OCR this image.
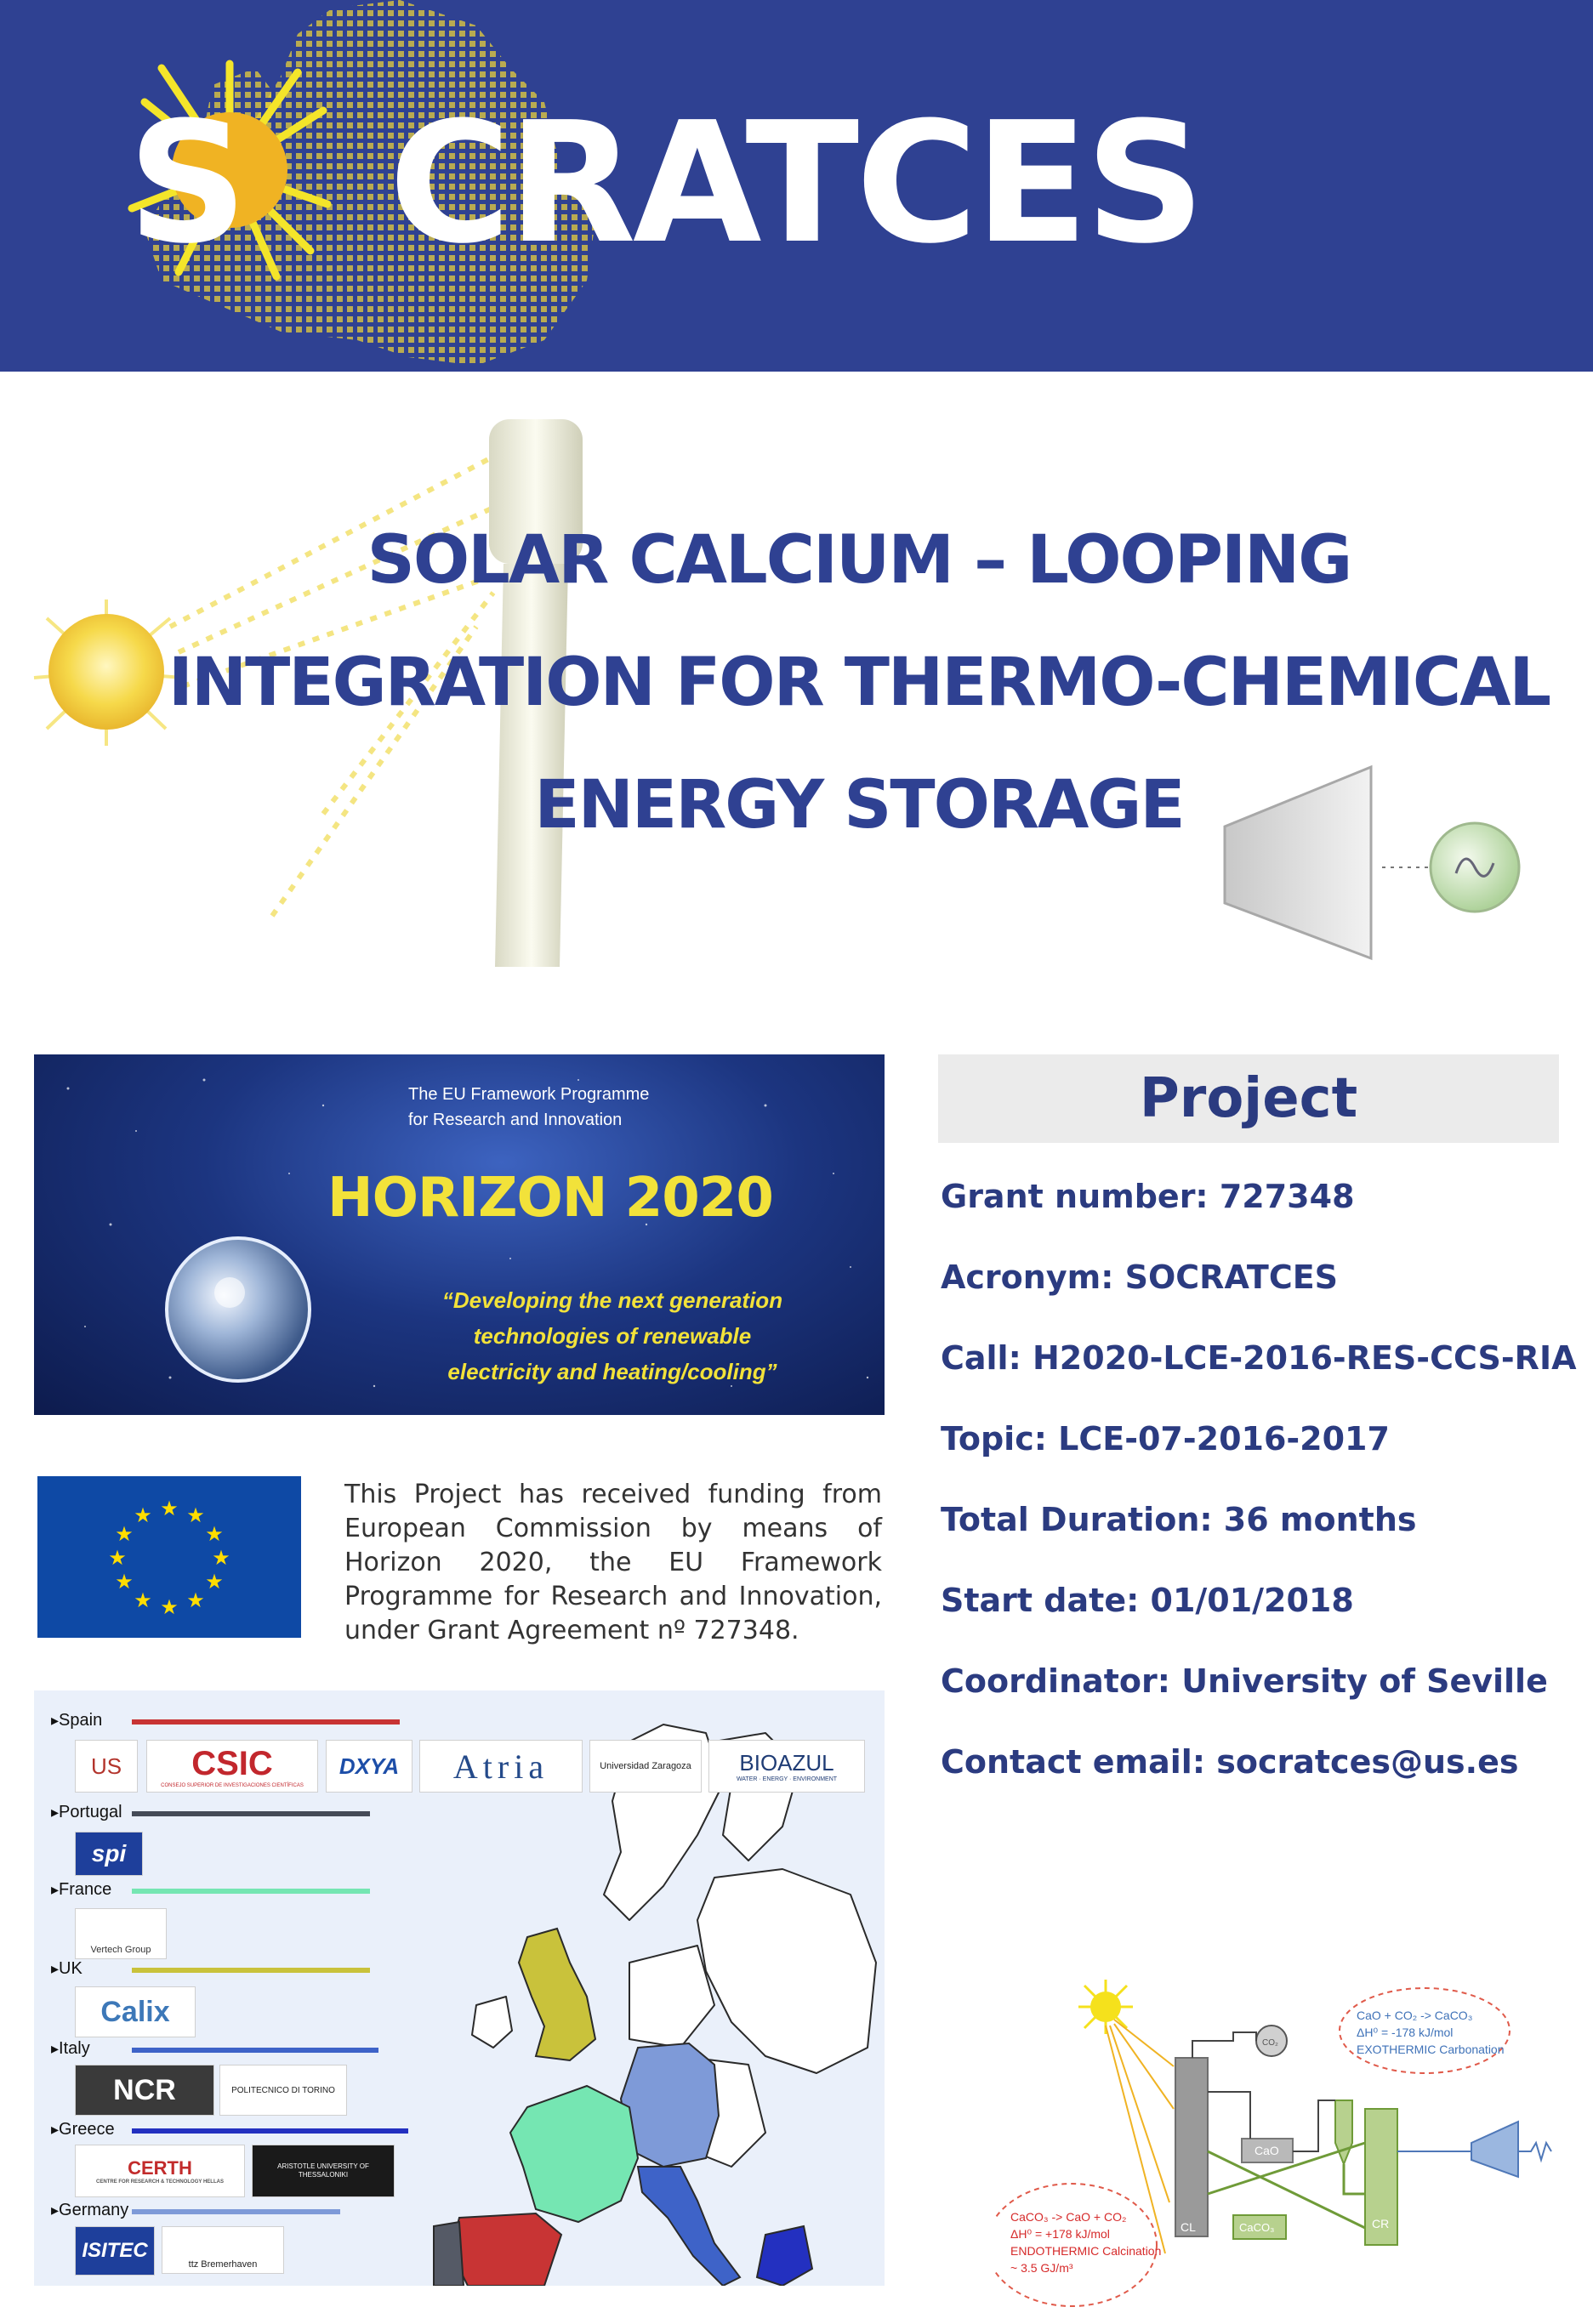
S CRATCES
SOLAR CALCIUM – LOOPING
INTEGRATION FOR THERMO-CHEMICAL
ENERGY STORAGE
The EU Framework Programme
for Research and Innovation
HORIZON 2020
“Developing the next generation
technologies of renewable
electricity and heating/cooling”
★ ★
★
★
★
★
★
★
★
★
★
★
This Project has received funding from European Commission by means of Horizon 2020, the EU Framework Programme for Research and Innovation, under Grant Agreement nº 727348.
▸ Spain
US	CSIC
CONSEJO SUPERIOR DE INVESTIGACIONES CIENTÍFICAS
DXYA	Atria	Universidad Zaragoza	BIOAZUL
WATER · ENERGY · ENVIRONMENT
▸ Portugal
spi
▸ France
Vertech Group
▸ UK
Calix
▸ Italy
NCR	POLITECNICO DI TORINO
▸ Greece
CERTH
CENTRE FOR RESEARCH & TECHNOLOGY HELLAS
ARISTOTLE UNIVERSITY OF THESSALONIKI
▸ Germany
ISITEC
ttz Bremerhaven
Project
Grant number: 727348
Acronym: SOCRATCES
Call: H2020-LCE-2016-RES-CCS-RIA
Topic: LCE-07-2016-2017
Total Duration: 36 months
Start date: 01/01/2018
Coordinator: University of Seville
Contact email: socratces@us.es
CL
CO₂
CaO
CaCO₃	CR
CaO + CO₂ -> CaCO₃
ΔH⁰ = -178 kJ/mol
EXOTHERMIC Carbonation
CaCO₃ -> CaO + CO₂
ΔH⁰ = +178 kJ/mol
ENDOTHERMIC Calcination
~ 3.5 GJ/m³
